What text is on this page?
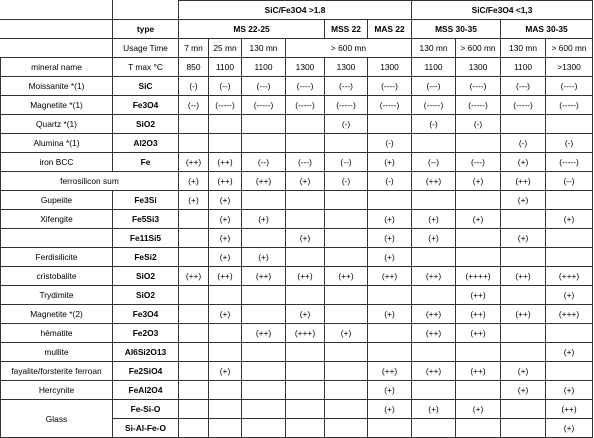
		SiC/Fe3O4 >1.8						SiC/Fe3O4 <1,3			
	type	MS 22-25				MSS 22	MAS 22	MSS 30-35		MAS 30-35	
	Usage Time	7 mn	25 mn	130 mn	> 600 mn			130 mn	> 600 mn	130 mn	> 600 mn
mineral name	T max °C	850	1100	1100	1300	1300	1300	1100	1300	1100	>1300
Moissanite *(1)	SiC	(-)	(--)	(---)	(----)	(---)	(----)	(---)	(----)	(---)	(----)
Magnetite *(1)	Fe3O4	(--)	(-----)	(-----)	(-----)	(-----)	(-----)	(-----)	(-----)	(-----)	(-----)
Quartz *(1)	SiO2					(-)		(-)	(-)		
Alumina *(1)	Al2O3						(-)			(-)	(-)
iron BCC	Fe	(++)	(++)	(--)	(---)	(--)	(+)	(--)	(---)	(+)	(-----)
ferrosilicon sum		(+)	(++)	(++)	(+)	(-)	(-)	(++)	(+)	(++)	(--)
Gupeiite	Fe3Si	(+)	(+)							(+)	
Xifengite	Fe5Si3		(+)	(+)			(+)	(+)	(+)		(+)
	Fe11Si5		(+)		(+)		(+)	(+)		(+)	
Ferdisilicite	FeSi2		(+)	(+)			(+)				
cristobalite	SiO2	(++)	(++)	(++)	(++)	(++)	(++)	(++)	(++++)	(++)	(+++)
Trydimite	SiO2								(++)		(+)
Magnetite *(2)	Fe3O4		(+)		(+)		(+)	(++)	(++)	(++)	(+++)
hématite	Fe2O3			(++)	(+++)	(+)		(++)	(++)		
mullite	Al6Si2O13										(+)
fayalite/forsterite ferroan	Fe2SiO4		(+)				(++)	(++)	(++)	(+)	
Hercynite	FeAl2O4						(+)			(+)	(+)
Glass	Fe-Si-O						(+)	(+)	(+)		(++)
	Si-Al-Fe-O										(+)
